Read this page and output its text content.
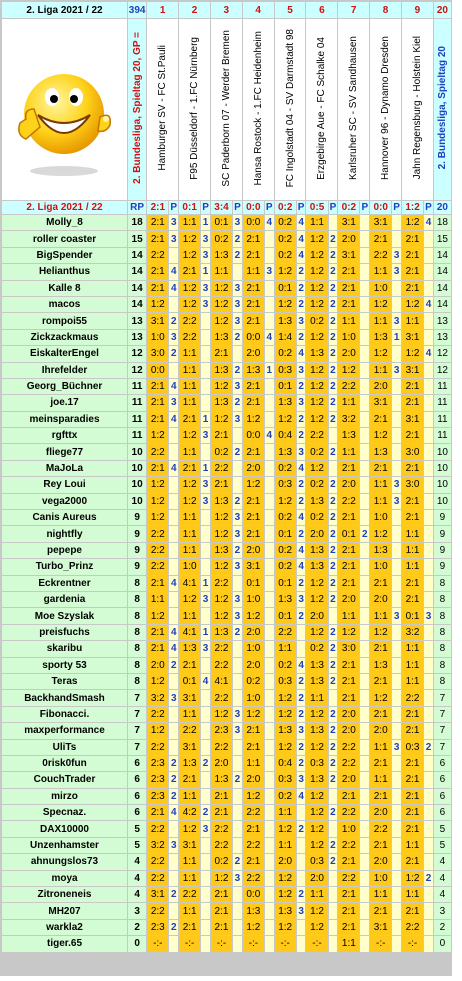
2. Liga 2021 / 22	394	1		2		3		4		5		6		7		8		9		20
	2. Bundesliga, Spieltag 20, GP =	Hamburger SV - FC St.Pauli		F95 Düsseldorf - 1.FC Nürnberg		SC Paderborn 07 - Werder Bremen		Hansa Rostock - 1.FC Heidenheim		FC Ingolstadt 04 - SV Darmstadt 98		Erzgebirge Aue - FC Schalke 04		Karlsruher SC - SV Sandhausen		Hannover 96 - Dynamo Dresden		Jahn Regensburg - Holstein Kiel		2. Bundesliga, Spieltag 20
2. Liga 2021 / 22	RP	2:1	P	0:1	P	3:4	P	0:0	P	0:2	P	0:5	P	0:2	P	0:0	P	1:2	P	20
Molly_8	18	2:1	3	1:1	1	0:1	3	0:0	4	0:2	4	1:1		3:1		3:1		1:2	4	18
roller coaster	15	2:1	3	1:2	3	0:2	2	2:1		0:2	4	1:2	2	2:0		2:1		2:1		15
BigSpender	14	2:2		1:2	3	1:3	2	2:1		0:2	4	1:2	2	3:1		2:2	3	2:1		14
Helianthus	14	2:1	4	2:1	1	1:1		1:1	3	1:2	2	1:2	2	2:1		1:1	3	2:1		14
Kalle 8	14	2:1	4	1:2	3	1:2	3	2:1		0:1	2	1:2	2	2:1		1:0		2:1		14
macos	14	1:2		1:2	3	1:2	3	2:1		1:2	2	1:2	2	2:1		1:2		1:2	4	14
rompoi55	13	3:1	2	2:2		1:2	3	2:1		1:3	3	0:2	2	1:1		1:1	3	1:1		13
Zickzackmaus	13	1:0	3	2:2		1:3	2	0:0	4	1:4	2	1:2	2	1:0		1:3	1	3:1		13
EiskalterEngel	12	3:0	2	1:1		2:1		2:0		0:2	4	1:3	2	2:0		1:2		1:2	4	12
Ihrefelder	12	0:0		1:1		1:3	2	1:3	1	0:3	3	1:2	2	1:2		1:1	3	3:1		12
Georg_Büchner	11	2:1	4	1:1		1:2	3	2:1		0:1	2	1:2	2	2:2		2:0		2:1		11
joe.17	11	2:1	3	1:1		1:3	2	2:1		1:3	3	1:2	2	1:1		3:1		2:1		11
meinsparadies	11	2:1	4	2:1	1	1:2	3	1:2		1:2	2	1:2	2	3:2		2:1		3:1		11
rgfttx	11	1:2		1:2	3	2:1		0:0	4	0:4	2	2:2		1:3		1:2		2:1		11
fliege77	10	2:2		1:1		0:2	2	2:1		1:3	3	0:2	2	1:1		1:3		3:0		10
MaJoLa	10	2:1	4	2:1	1	2:2		2:0		0:2	4	1:2		2:1		2:1		2:1		10
Rey Loui	10	1:2		1:2	3	2:1		1:2		0:3	2	0:2	2	2:0		1:1	3	3:0		10
vega2000	10	1:2		1:2	3	1:3	2	2:1		1:2	2	1:3	2	2:2		1:1	3	2:1		10
Canis Aureus	9	1:2		1:1		1:2	3	2:1		0:2	4	0:2	2	2:1		1:0		2:1		9
nightfly	9	2:2		1:1		1:2	3	2:1		0:1	2	2:0	2	0:1	2	1:2		1:1		9
pepepe	9	2:2		1:1		1:3	2	2:0		0:2	4	1:3	2	2:1		1:3		1:1		9
Turbo_Prinz	9	2:2		1:0		1:2	3	3:1		0:2	4	1:3	2	2:1		1:0		1:1		9
Eckrentner	8	2:1	4	4:1	1	2:2		0:1		0:1	2	1:2	2	2:1		2:1		2:1		8
gardenia	8	1:1		1:2	3	1:2	3	1:0		1:3	3	1:2	2	2:0		2:0		2:1		8
Moe Szyslak	8	1:2		1:1		1:2	3	1:2		0:1	2	2:0		1:1		1:1	3	0:1	3	8
preisfuchs	8	2:1	4	4:1	1	1:3	2	2:0		2:2		1:2	2	1:2		1:2		3:2		8
skaribu	8	2:1	4	1:3	3	2:2		1:0		1:1		0:2	2	3:0		2:1		1:1		8
sporty 53	8	2:0	2	2:1		2:2		2:0		0:2	4	1:3	2	2:1		1:3		1:1		8
Teras	8	1:2		0:1	4	4:1		0:2		0:3	2	1:3	2	2:1		2:1		1:1		8
BackhandSmash	7	3:2	3	3:1		2:2		1:0		1:2	2	1:1		2:1		1:2		2:2		7
Fibonacci.	7	2:2		1:1		1:2	3	1:2		1:2	2	1:2	2	2:0		2:1		2:1		7
maxperformance	7	1:2		2:2		2:3	3	2:1		1:3	3	1:3	2	2:0		2:0		2:1		7
UliTs	7	2:2		3:1		2:2		2:1		1:2	2	1:2	2	2:2		1:1	3	0:3	2	7
0risk0fun	6	2:3	2	1:3	2	2:0		1:1		0:4	2	0:3	2	2:2		2:1		2:1		6
CouchTrader	6	2:3	2	2:1		1:3	2	2:0		0:3	3	1:3	2	2:0		1:1		2:1		6
mirzo	6	2:3	2	1:1		2:1		1:2		0:2	4	1:2		2:1		2:1		2:1		6
Specnaz.	6	2:1	4	4:2	2	2:1		2:2		1:1		1:2	2	2:2		2:0		2:1		6
DAX10000	5	2:2		1:2	3	2:2		2:1		1:2	2	1:2		1:0		2:2		2:1		5
Unzenhamster	5	3:2	3	3:1		2:2		2:2		1:1		1:2	2	2:2		2:1		1:1		5
ahnungslos73	4	2:2		1:1		0:2	2	2:1		2:0		0:3	2	2:1		2:0		2:1		4
moya	4	2:2		1:1		1:2	3	2:2		1:2		2:0		2:2		1:0		1:2	2	4
Zitroneneis	4	3:1	2	2:2		2:1		0:0		1:2	2	1:1		2:1		1:1		1:1		4
MH207	3	2:2		1:1		2:1		1:3		1:3	3	1:2		2:1		2:1		2:1		3
warkla2	2	2:3	2	2:1		2:1		1:2		1:2		1:2		2:1		3:1		2:2		2
tiger.65	0	-:-		-:-		-:-		-:-		-:-		-:-		1:1		-:-		-:-		0
